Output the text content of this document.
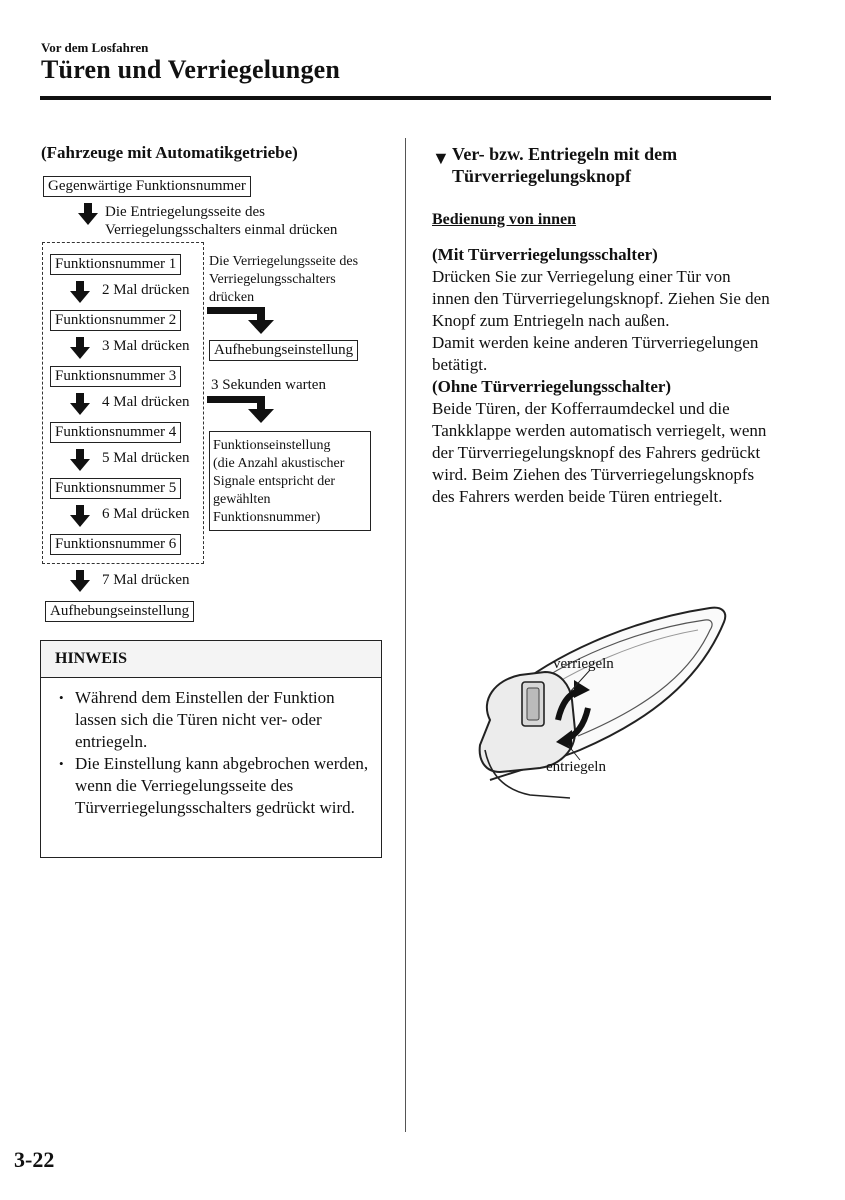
Vor dem Losfahren
Türen und Verriegelungen
(Fahrzeuge mit Automatikgetriebe)
Gegenwärtige Funktionsnummer
Die Entriegelungsseite des
Verriegelungsschalters einmal drücken
Funktionsnummer 1
2 Mal drücken
Funktionsnummer 2
3 Mal drücken
Funktionsnummer 3
4 Mal drücken
Funktionsnummer 4
5 Mal drücken
Funktionsnummer 5
6 Mal drücken
Funktionsnummer 6
7 Mal drücken
Aufhebungseinstellung
Die Verriegelungsseite des
Verriegelungsschalters
drücken
Aufhebungseinstellung
3 Sekunden warten
Funktionseinstellung
(die Anzahl akustischer
Signale entspricht der
gewählten
Funktionsnummer)
HINWEIS
• Während dem Einstellen der Funktion lassen sich die Türen nicht ver- oder entriegeln.
• Die Einstellung kann abgebrochen werden, wenn die Verriegelungsseite des Türverriegelungsschalters gedrückt wird.
▼ Ver- bzw. Entriegeln mit dem
Türverriegelungsknopf
Bedienung von innen

(Mit Türverriegelungsschalter)

Drücken Sie zur Verriegelung einer Tür von innen den Türverriegelungsknopf. Ziehen Sie den Knopf zum Entriegeln nach außen.

Damit werden keine anderen Türverriegelungen betätigt.

(Ohne Türverriegelungsschalter)

Beide Türen, der Kofferraumdeckel und die Tankklappe werden automatisch verriegelt, wenn der Türverriegelungsknopf des Fahrers gedrückt wird. Beim Ziehen des Türverriegelungsknopfs des Fahrers werden beide Türen entriegelt.

verriegeln
entriegeln
3-22
